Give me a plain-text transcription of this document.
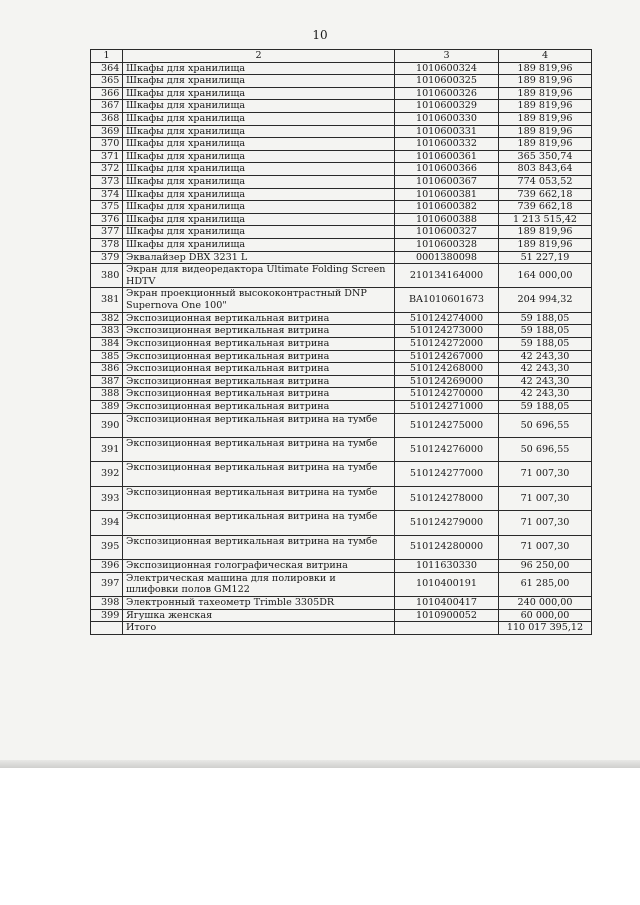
10
1	2	3	4
364	Шкафы для хранилища	1010600324	189 819,96
365	Шкафы для хранилища	1010600325	189 819,96
366	Шкафы для хранилища	1010600326	189 819,96
367	Шкафы для хранилища	1010600329	189 819,96
368	Шкафы для хранилища	1010600330	189 819,96
369	Шкафы для хранилища	1010600331	189 819,96
370	Шкафы для хранилища	1010600332	189 819,96
371	Шкафы для хранилища	1010600361	365 350,74
372	Шкафы для хранилища	1010600366	803 843,64
373	Шкафы для хранилища	1010600367	774 053,52
374	Шкафы для хранилища	1010600381	739 662,18
375	Шкафы для хранилища	1010600382	739 662,18
376	Шкафы для хранилища	1010600388	1 213 515,42
377	Шкафы для хранилища	1010600327	189 819,96
378	Шкафы для хранилища	1010600328	189 819,96
379	Эквалайзер DBX 3231 L	0001380098	51 227,19
380	Экран для видеоредактора Ultimate Folding Screen HDTV	210134164000	164 000,00
381	Экран проекционный высококонтрастный DNP Supernova One 100"	BA1010601673	204 994,32
382	Экспозиционная вертикальная витрина	510124274000	59 188,05
383	Экспозиционная вертикальная витрина	510124273000	59 188,05
384	Экспозиционная вертикальная витрина	510124272000	59 188,05
385	Экспозиционная вертикальная витрина	510124267000	42 243,30
386	Экспозиционная вертикальная витрина	510124268000	42 243,30
387	Экспозиционная вертикальная витрина	510124269000	42 243,30
388	Экспозиционная вертикальная витрина	510124270000	42 243,30
389	Экспозиционная вертикальная витрина	510124271000	59 188,05
390	Экспозиционная вертикальная витрина на тумбе	510124275000	50 696,55
391	Экспозиционная вертикальная витрина на тумбе	510124276000	50 696,55
392	Экспозиционная вертикальная витрина на тумбе	510124277000	71 007,30
393	Экспозиционная вертикальная витрина на тумбе	510124278000	71 007,30
394	Экспозиционная вертикальная витрина на тумбе	510124279000	71 007,30
395	Экспозиционная вертикальная витрина на тумбе	510124280000	71 007,30
396	Экспозиционная голографическая витрина	1011630330	96 250,00
397	Электрическая машина для полировки и шлифовки полов GM122	1010400191	61 285,00
398	Электронный тахеометр Trimble 3305DR	1010400417	240 000,00
399	Ягушка женская	1010900052	60 000,00
	Итого		110 017 395,12
